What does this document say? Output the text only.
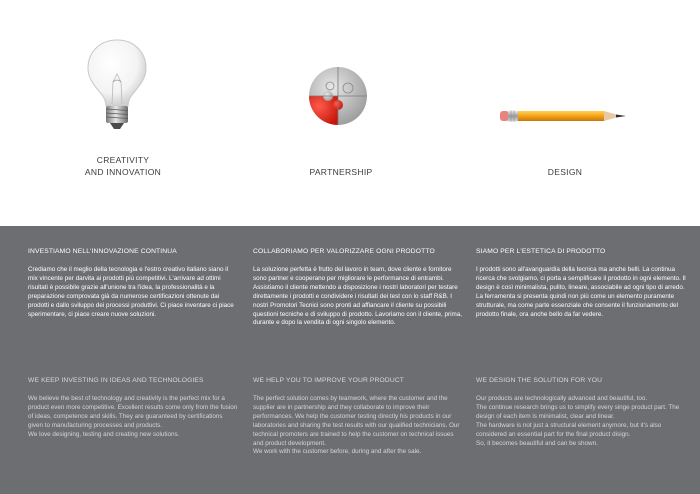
CREATIVITY
AND INNOVATION	PARTNERSHIP	DESIGN
INVESTIAMO NELL'INNOVAZIONE CONTINUA

Crediamo che il meglio della tecnologia e l'estro creativo italiano siano il mix vincente per darvita ai prodotti più competitivi. L'arrivare ad ottimi risultati è possibile grazie all'unione tra l'idea, la professionalità e la preparazione comprovata già da numerose certificazioni ottenute dai prodotti e dallo sviluppo dei processi produttivi. Ci piace inventare ci piace sperimentare, ci piace creare nuove soluzioni.

COLLABORIAMO PER VALORIZZARE OGNI PRODOTTO

La soluzione perfetta è frutto del lavoro in team, dove cliente e fornitore sono partner e cooperano per migliorare le performance di entrambi. Assistiamo il cliente mettendo a disposizione i nostri laboratori per testare direttamente i prodotti e condividere i risultati dei test con lo staff R&B. I nostri Promotori Tecnici sono pronti ad affiancare il cliente su possibili questioni tecniche e di sviluppo di prodotto. Lavoriamo con il cliente, prima, durante e dopo la vendita di ogni singolo elemento.

SIAMO PER L'ESTETICA DI PRODOTTO

I prodotti sono all'avanguardia della tecnica ma anche belli. La continua ricerca che svolgiamo, ci porta a semplificare il prodotto in ogni elemento. Il design è così minimalista, pulito, lineare, associabile ad ogni tipo di arredo. La ferramenta si presenta quindi non più come un elemento puramente strutturale, ma come parte essenziale che consente il funzionamento del prodotto finale, ora anche bello da far vedere.

WE KEEP INVESTING IN IDEAS AND TECHNOLOGIES

We believe the best of technology and creativity is the perfect mix for a product even more competitive. Excellent results come only from the fusion of ideas, competence and skills. They are guaranteed by certifications given to manufacturing processes and products.
We love designing, testing and creating new solutions.

WE HELP YOU TO IMPROVE YOUR PRODUCT

The perfect solution comes by teamwork, where the customer and the supplier are in partnership and they collaborate to improve their performances. We help the customer testing directly his products in our laboratories and sharing the test results with our qualified technicians. Our technical promoters are trained to help the customer on technical issues and product development.
We work with the customer before, during and after the sale.

WE DESIGN THE SOLUTION FOR YOU

Our products are technologically advanced and beautiful, too.
The continue research brings us to simplify every singe product part. The design of each item is minimalist, clear and linear.
The hardware is not just a structural element anymore, but it's also considered an essential part for the final product disign.
So, it becomes beautiful and can be shown.
